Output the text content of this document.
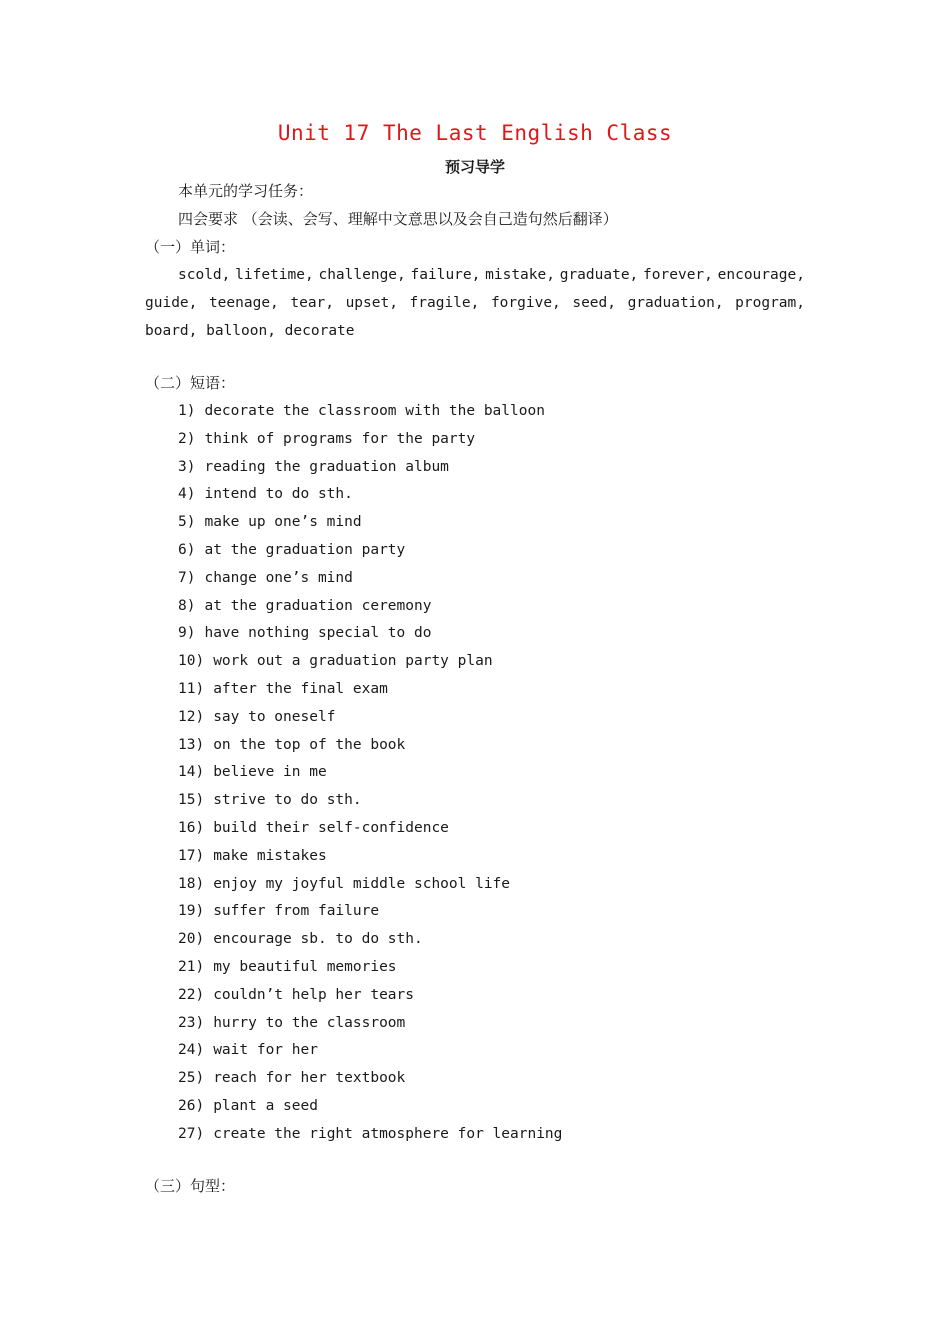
Unit 17 The Last English Class
预习导学
本单元的学习任务：
四会要求 （会读、会写、理解中文意思以及会自己造句然后翻译）
（一）单词：
scold, lifetime, challenge, failure, mistake, graduate, forever, encourage,
guide, teenage, tear, upset, fragile, forgive, seed, graduation, program,
board, balloon, decorate
（二）短语：
1) decorate the classroom with the balloon
2) think of programs for the party
3) reading the graduation album
4) intend to do sth.
5) make up one’s mind
6) at the graduation party
7) change one’s mind
8) at the graduation ceremony
9) have nothing special to do
10) work out a graduation party plan
11) after the final exam
12) say to oneself
13) on the top of the book
14) believe in me
15) strive to do sth.
16) build their self-confidence
17) make mistakes
18) enjoy my joyful middle school life
19) suffer from failure
20) encourage sb. to do sth.
21) my beautiful memories
22) couldn’t help her tears
23) hurry to the classroom
24) wait for her
25) reach for her textbook
26) plant a seed
27) create the right atmosphere for learning
（三）句型：
